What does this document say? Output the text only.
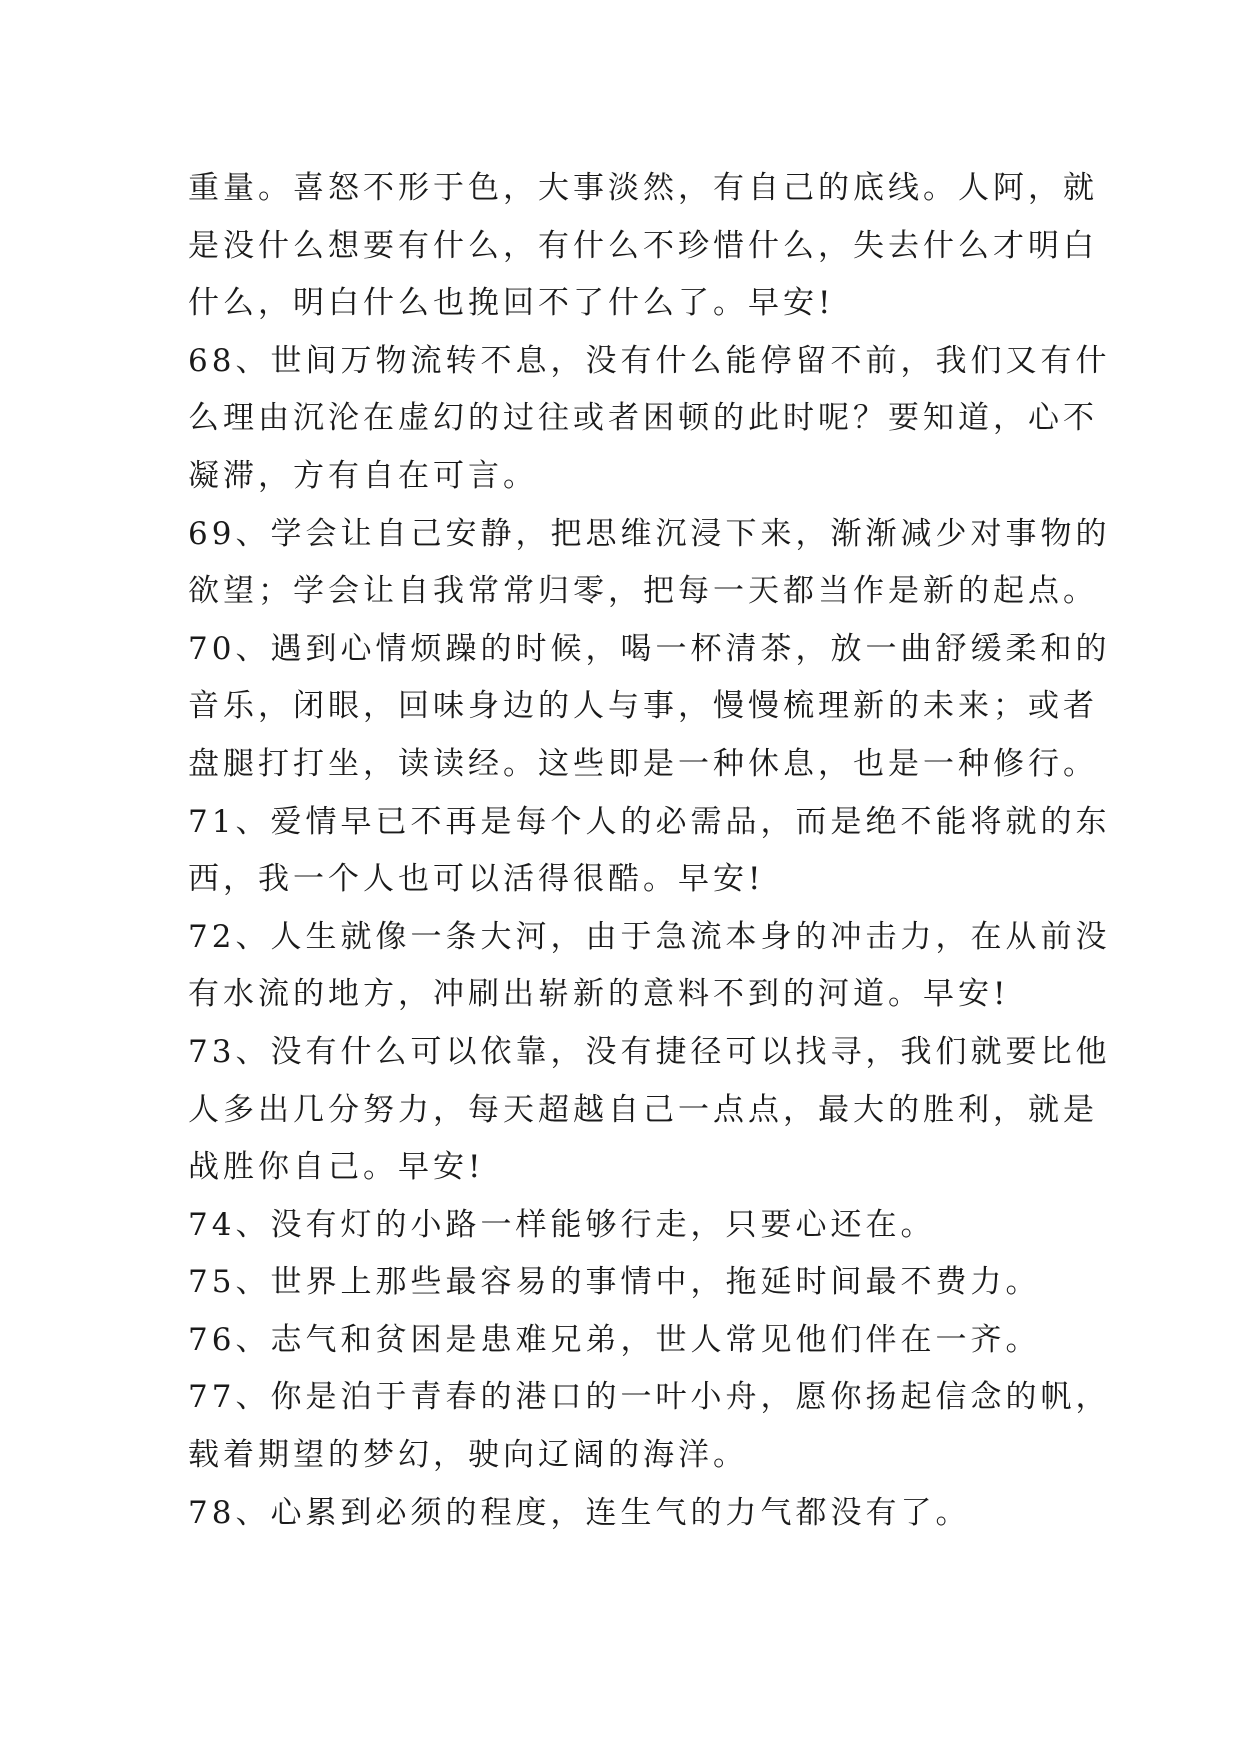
重量。喜怒不形于色，大事淡然，有自己的底线。人阿，就
是没什么想要有什么，有什么不珍惜什么，失去什么才明白
什么，明白什么也挽回不了什么了。早安!

68、世间万物流转不息，没有什么能停留不前，我们又有什
么理由沉沦在虚幻的过往或者困顿的此时呢？要知道，心不
凝滞，方有自在可言。

69、学会让自己安静，把思维沉浸下来，渐渐减少对事物的
欲望；学会让自我常常归零，把每一天都当作是新的起点。

70、遇到心情烦躁的时候，喝一杯清茶，放一曲舒缓柔和的
音乐，闭眼，回味身边的人与事，慢慢梳理新的未来；或者
盘腿打打坐，读读经。这些即是一种休息，也是一种修行。

71、爱情早已不再是每个人的必需品，而是绝不能将就的东
西，我一个人也可以活得很酷。早安!

72、人生就像一条大河，由于急流本身的冲击力，在从前没
有水流的地方，冲刷出崭新的意料不到的河道。早安!

73、没有什么可以依靠，没有捷径可以找寻，我们就要比他
人多出几分努力，每天超越自己一点点，最大的胜利，就是
战胜你自己。早安!

74、没有灯的小路一样能够行走，只要心还在。

75、世界上那些最容易的事情中，拖延时间最不费力。

76、志气和贫困是患难兄弟，世人常见他们伴在一齐。

77、你是泊于青春的港口的一叶小舟，愿你扬起信念的帆，
载着期望的梦幻，驶向辽阔的海洋。

78、心累到必须的程度，连生气的力气都没有了。
